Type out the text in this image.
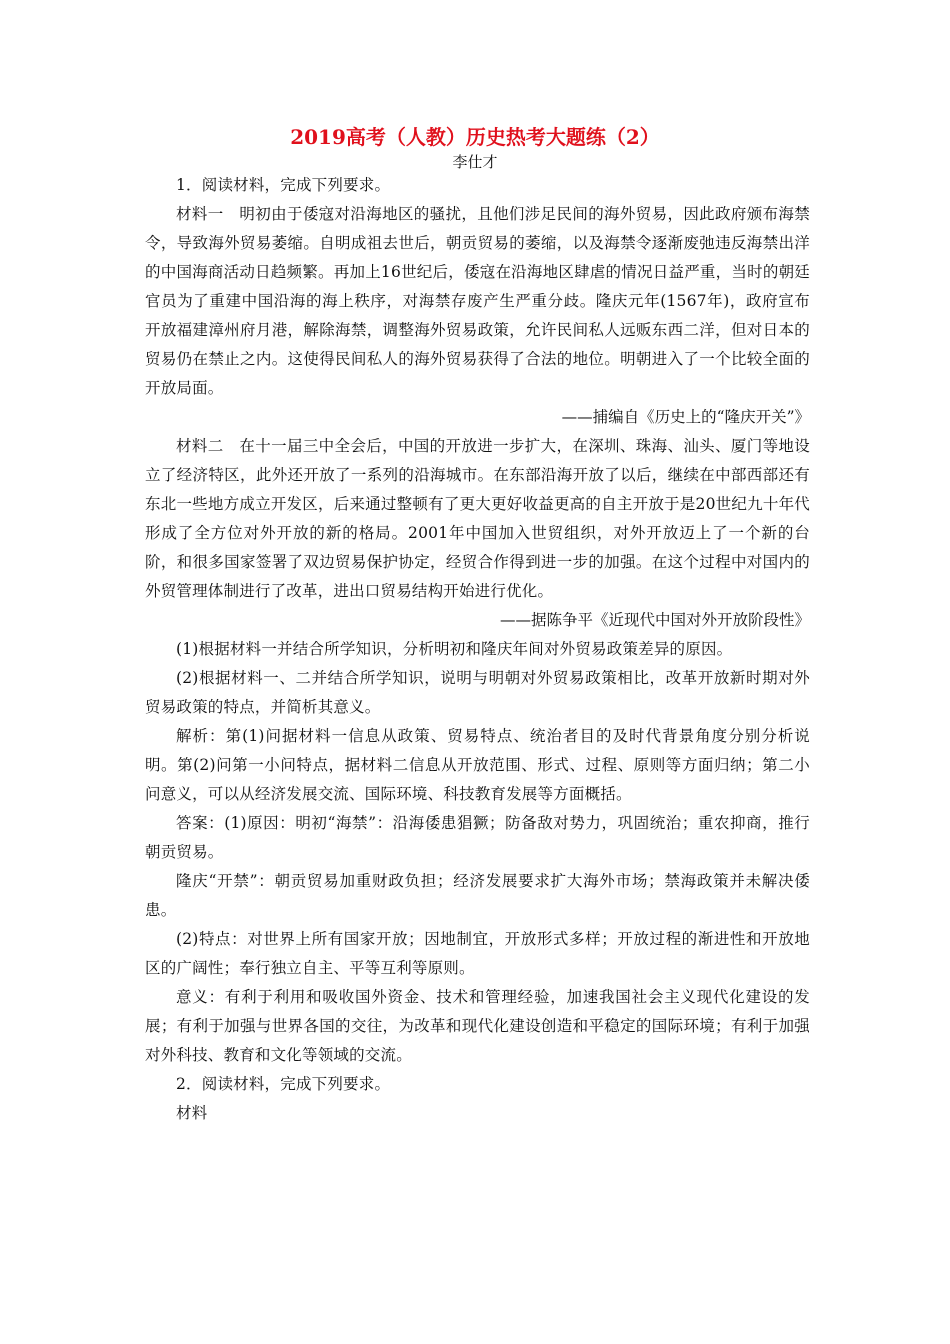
2019高考（人教）历史热考大题练（2）
李仕才

1．阅读材料，完成下列要求。

材料一　明初由于倭寇对沿海地区的骚扰，且他们涉足民间的海外贸易，因此政府颁布海禁令，导致海外贸易萎缩。自明成祖去世后，朝贡贸易的萎缩，以及海禁令逐渐废弛违反海禁出洋的中国海商活动日趋频繁。再加上16世纪后，倭寇在沿海地区肆虐的情况日益严重，当时的朝廷官员为了重建中国沿海的海上秩序，对海禁存废产生严重分歧。隆庆元年(1567年)，政府宣布开放福建漳州府月港，解除海禁，调整海外贸易政策，允许民间私人远贩东西二洋，但对日本的贸易仍在禁止之内。这使得民间私人的海外贸易获得了合法的地位。明朝进入了一个比较全面的开放局面。

——捕编自《历史上的“隆庆开关”》

材料二　在十一届三中全会后，中国的开放进一步扩大，在深圳、珠海、汕头、厦门等地设立了经济特区，此外还开放了一系列的沿海城市。在东部沿海开放了以后，继续在中部西部还有东北一些地方成立开发区，后来通过整顿有了更大更好收益更高的自主开放于是20世纪九十年代形成了全方位对外开放的新的格局。2001年中国加入世贸组织，对外开放迈上了一个新的台阶，和很多国家签署了双边贸易保护协定，经贸合作得到进一步的加强。在这个过程中对国内的外贸管理体制进行了改革，进出口贸易结构开始进行优化。

——据陈争平《近现代中国对外开放阶段性》

(1)根据材料一并结合所学知识，分析明初和隆庆年间对外贸易政策差异的原因。

(2)根据材料一、二并结合所学知识，说明与明朝对外贸易政策相比，改革开放新时期对外贸易政策的特点，并简析其意义。

解析：第(1)问据材料一信息从政策、贸易特点、统治者目的及时代背景角度分别分析说明。第(2)问第一小问特点，据材料二信息从开放范围、形式、过程、原则等方面归纳；第二小问意义，可以从经济发展交流、国际环境、科技教育发展等方面概括。

答案：(1)原因：明初“海禁”：沿海倭患猖獗；防备敌对势力，巩固统治；重农抑商，推行朝贡贸易。

隆庆“开禁”：朝贡贸易加重财政负担；经济发展要求扩大海外市场；禁海政策并未解决倭患。

(2)特点：对世界上所有国家开放；因地制宜，开放形式多样；开放过程的渐进性和开放地区的广阔性；奉行独立自主、平等互利等原则。

意义：有利于利用和吸收国外资金、技术和管理经验，加速我国社会主义现代化建设的发展；有利于加强与世界各国的交往，为改革和现代化建设创造和平稳定的国际环境；有利于加强对外科技、教育和文化等领域的交流。

2．阅读材料，完成下列要求。

材料
